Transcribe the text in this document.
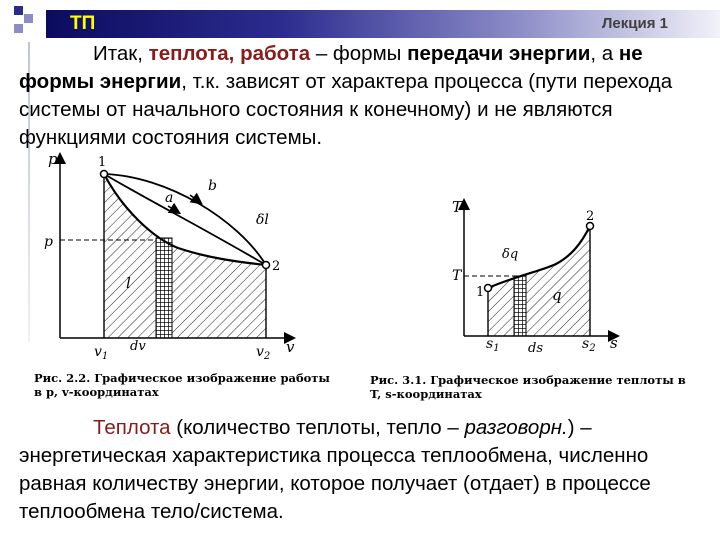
ТП	Лекция 1
Итак, теплота, работа – формы передачи энергии, а не формы энергии, т.к. зависят от характера процесса (пути перехода системы от начального состояния к конечному) и не являются функциями состояния системы.
p
v
1
2
b
a
δl
p
l
$v_1$
dv	$v_2$
Рис. 2.2. Графическое изображение работы
в p, v-координатах
T
s
1
2
T
δq
q
$s_1$ ds	$s_2$
Рис. 3.1. Графическое изображение теплоты в
T, s-координатах
Теплота (количество теплоты, тепло – разговорн.) – энергетическая характеристика процесса теплообмена, численно равная количеству энергии, которое получает (отдает) в процессе теплообмена тело/система.
